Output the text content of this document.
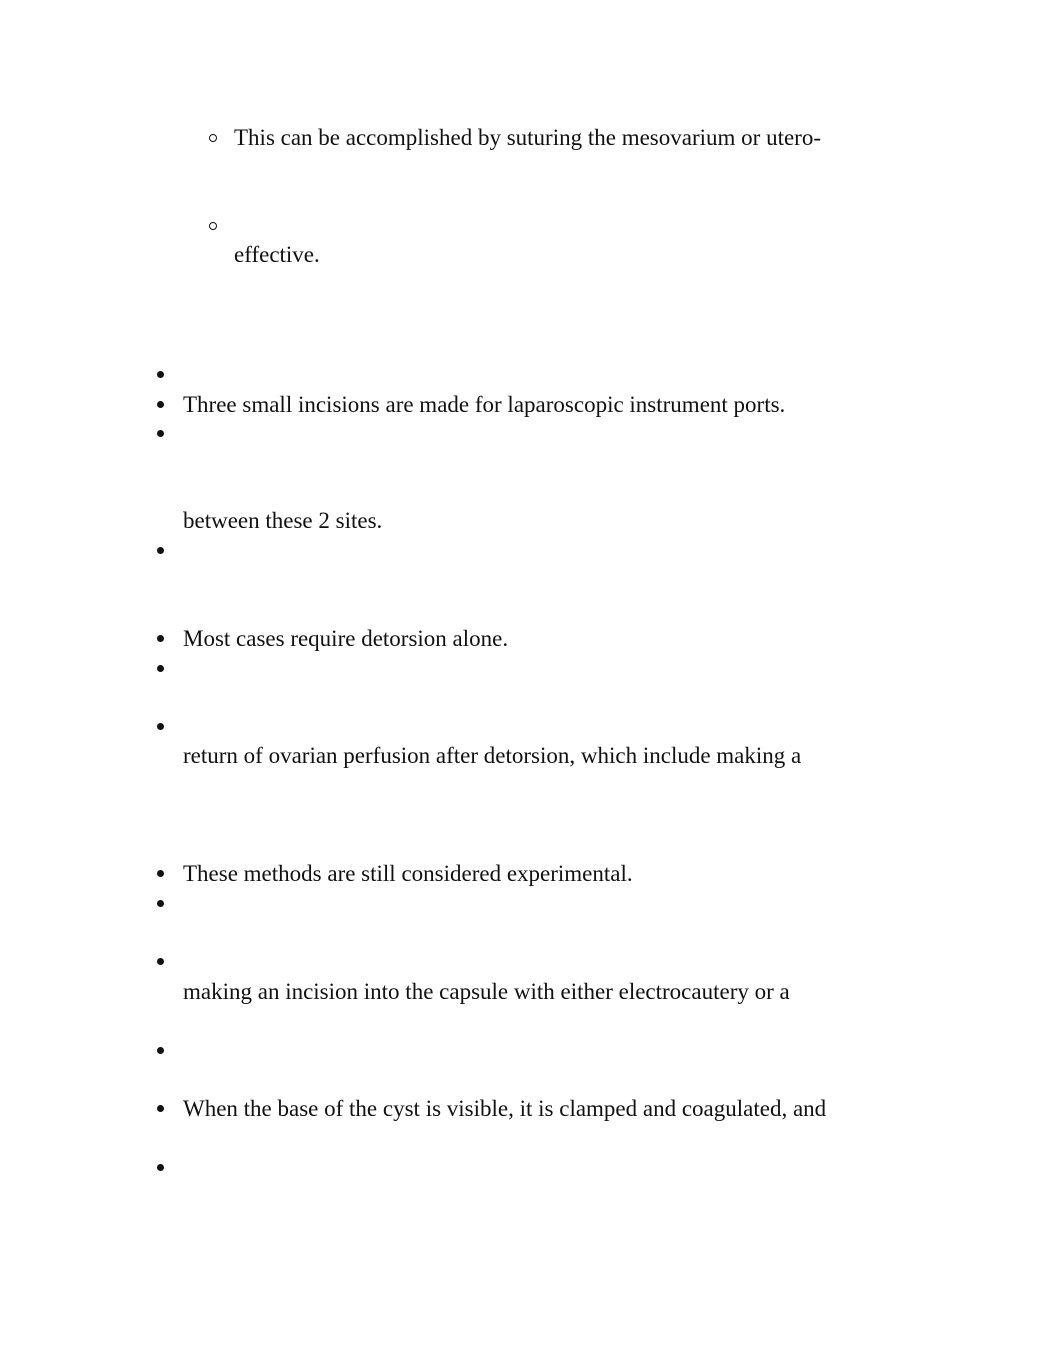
This can be accomplished by suturing the mesovarium or utero-
effective.
Three small incisions are made for laparoscopic instrument ports.
between these 2 sites.
Most cases require detorsion alone.
return of ovarian perfusion after detorsion, which include making a
These methods are still considered experimental.
making an incision into the capsule with either electrocautery or a
When the base of the cyst is visible, it is clamped and coagulated, and
